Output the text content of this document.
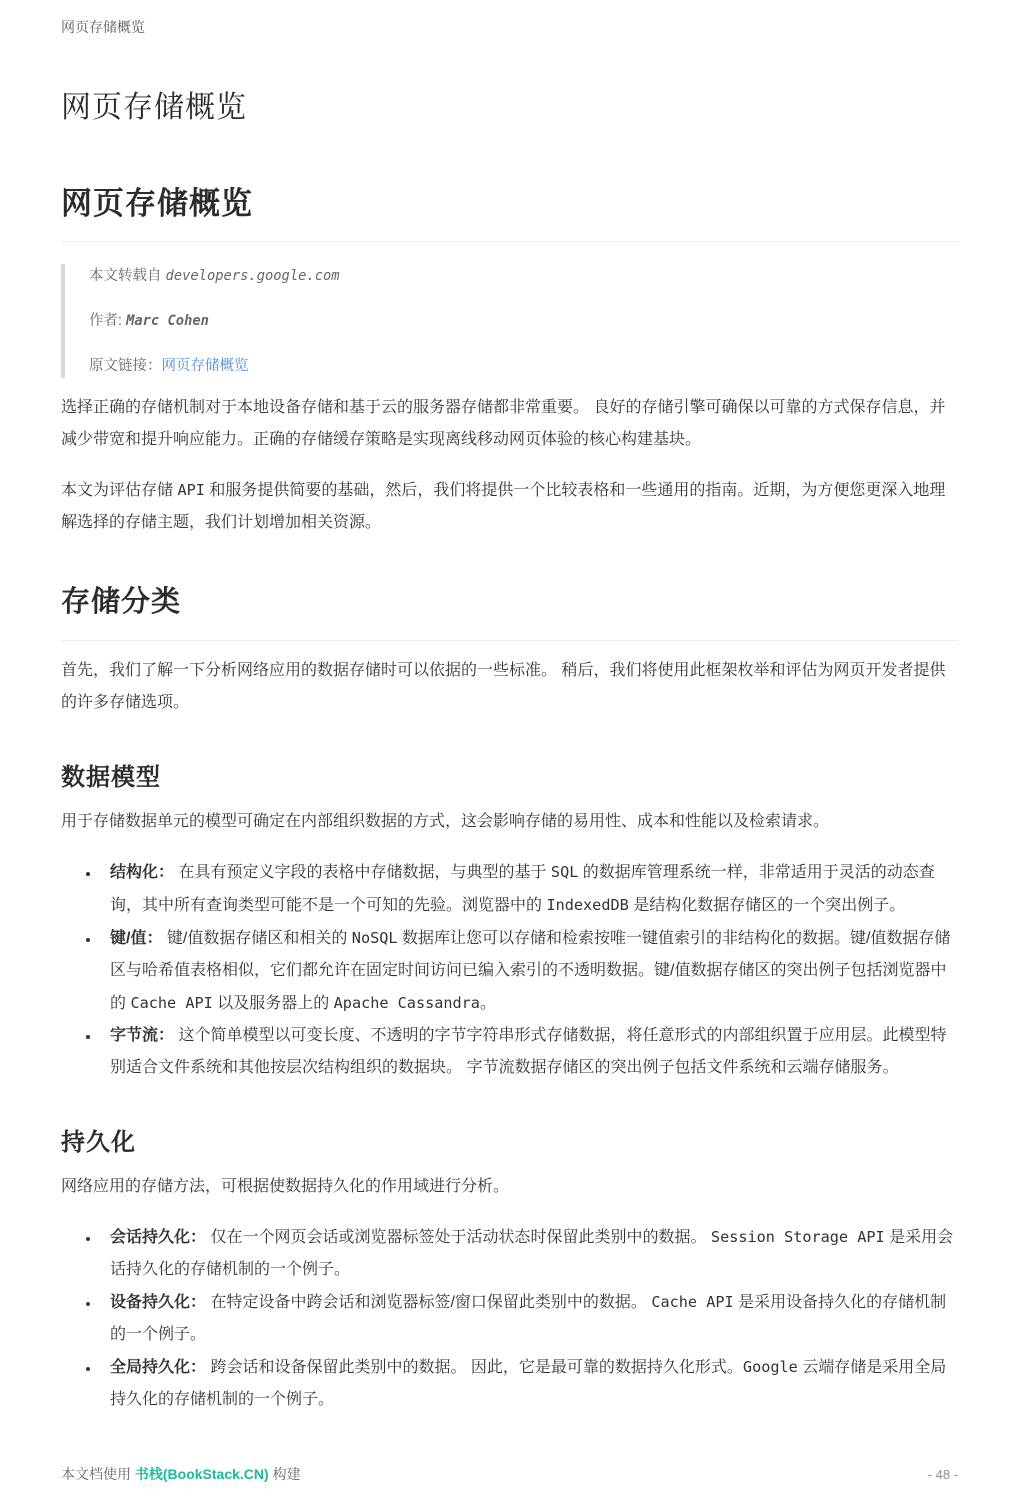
网页存储概览
网页存储概览
网页存储概览

本文转载自 developers.google.com

作者: Marc Cohen

原文链接：网页存储概览

选择正确的存储机制对于本地设备存储和基于云的服务器存储都非常重要。 良好的存储引擎可确保以可靠的方式保存信息，并减少带宽和提升响应能力。正确的存储缓存策略是实现离线移动网页体验的核心构建基块。

本文为评估存储 API 和服务提供简要的基础，然后，我们将提供一个比较表格和一些通用的指南。近期，为方便您更深入地理解选择的存储主题，我们计划增加相关资源。

存储分类

首先，我们了解一下分析网络应用的数据存储时可以依据的一些标准。 稍后，我们将使用此框架枚举和评估为网页开发者提供的许多存储选项。

数据模型

用于存储数据单元的模型可确定在内部组织数据的方式，这会影响存储的易用性、成本和性能以及检索请求。

• 结构化： 在具有预定义字段的表格中存储数据，与典型的基于 SQL 的数据库管理系统一样，非常适用于灵活的动态查询，其中所有查询类型可能不是一个可知的先验。浏览器中的 IndexedDB 是结构化数据存储区的一个突出例子。
• 键/值： 键/值数据存储区和相关的 NoSQL 数据库让您可以存储和检索按唯一键值索引的非结构化的数据。键/值数据存储区与哈希值表格相似，它们都允许在固定时间访问已编入索引的不透明数据。键/值数据存储区的突出例子包括浏览器中的 Cache API 以及服务器上的 Apache Cassandra。
• 字节流： 这个简单模型以可变长度、不透明的字节字符串形式存储数据，将任意形式的内部组织置于应用层。此模型特别适合文件系统和其他按层次结构组织的数据块。 字节流数据存储区的突出例子包括文件系统和云端存储服务。
持久化

网络应用的存储方法，可根据使数据持久化的作用域进行分析。

• 会话持久化： 仅在一个网页会话或浏览器标签处于活动状态时保留此类别中的数据。 Session Storage API 是采用会话持久化的存储机制的一个例子。
• 设备持久化： 在特定设备中跨会话和浏览器标签/窗口保留此类别中的数据。 Cache API 是采用设备持久化的存储机制的一个例子。
• 全局持久化： 跨会话和设备保留此类别中的数据。 因此，它是最可靠的数据持久化形式。Google 云端存储是采用全局持久化的存储机制的一个例子。
本文档使用 书栈(BookStack.CN) 构建	- 48 -
